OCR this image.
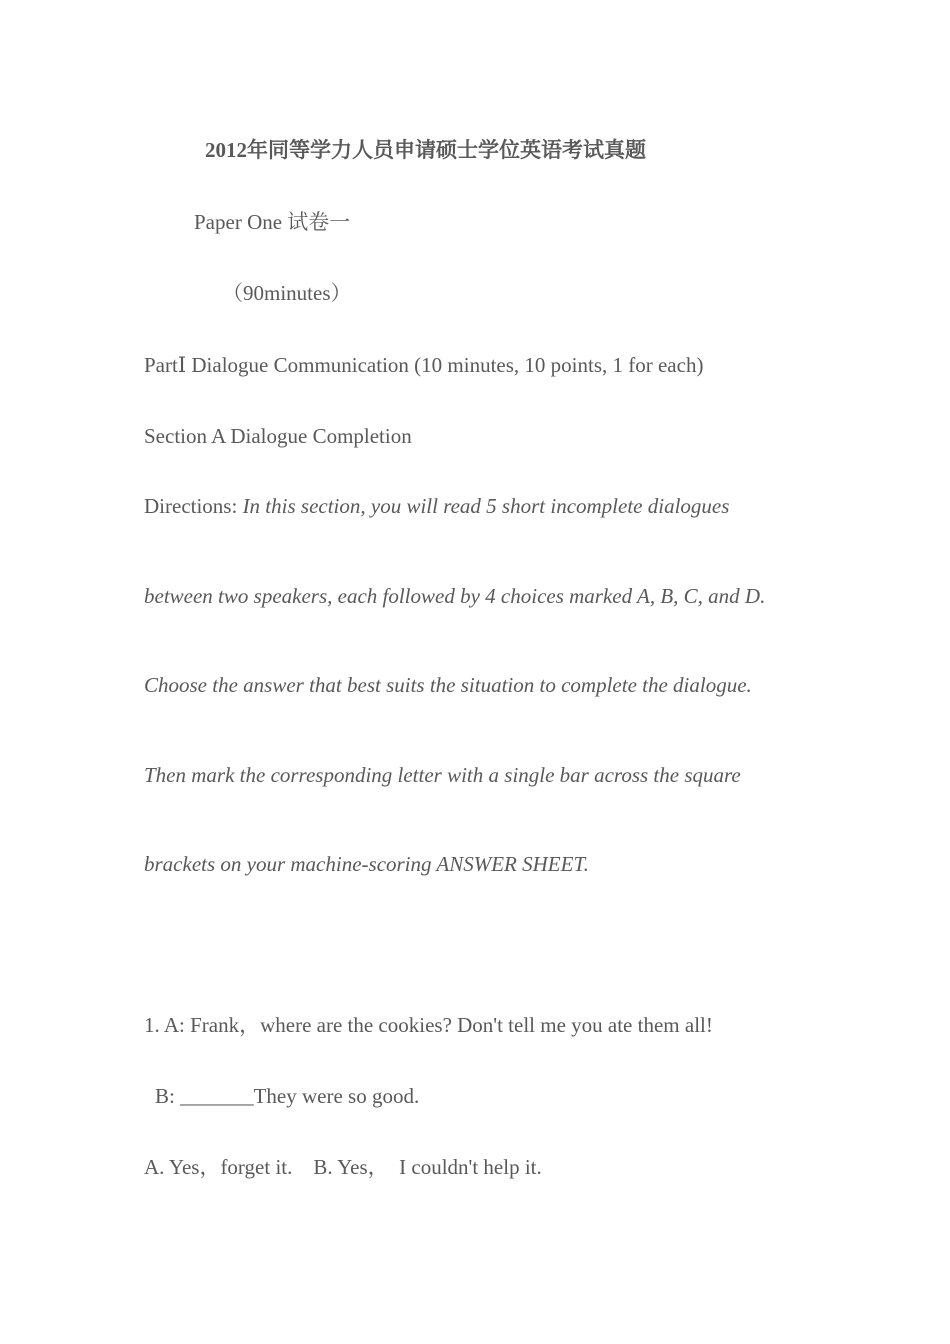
2012年同等学力人员申请硕士学位英语考试真题
Paper One 试卷一
（90minutes）
PartⅠ Dialogue Communication (10 minutes, 10 points, 1 for each)
Section A Dialogue Completion
Directions: In this section, you will read 5 short incomplete dialogues
between two speakers, each followed by 4 choices marked A, B, C, and D.
Choose the answer that best suits the situation to complete the dialogue.
Then mark the corresponding letter with a single bar across the square
brackets on your machine-scoring ANSWER SHEET.
1. A: Frank，where are the cookies? Don't tell me you ate them all!
B: _______They were so good.
A. Yes，forget it.    B. Yes，  I couldn't help it.
